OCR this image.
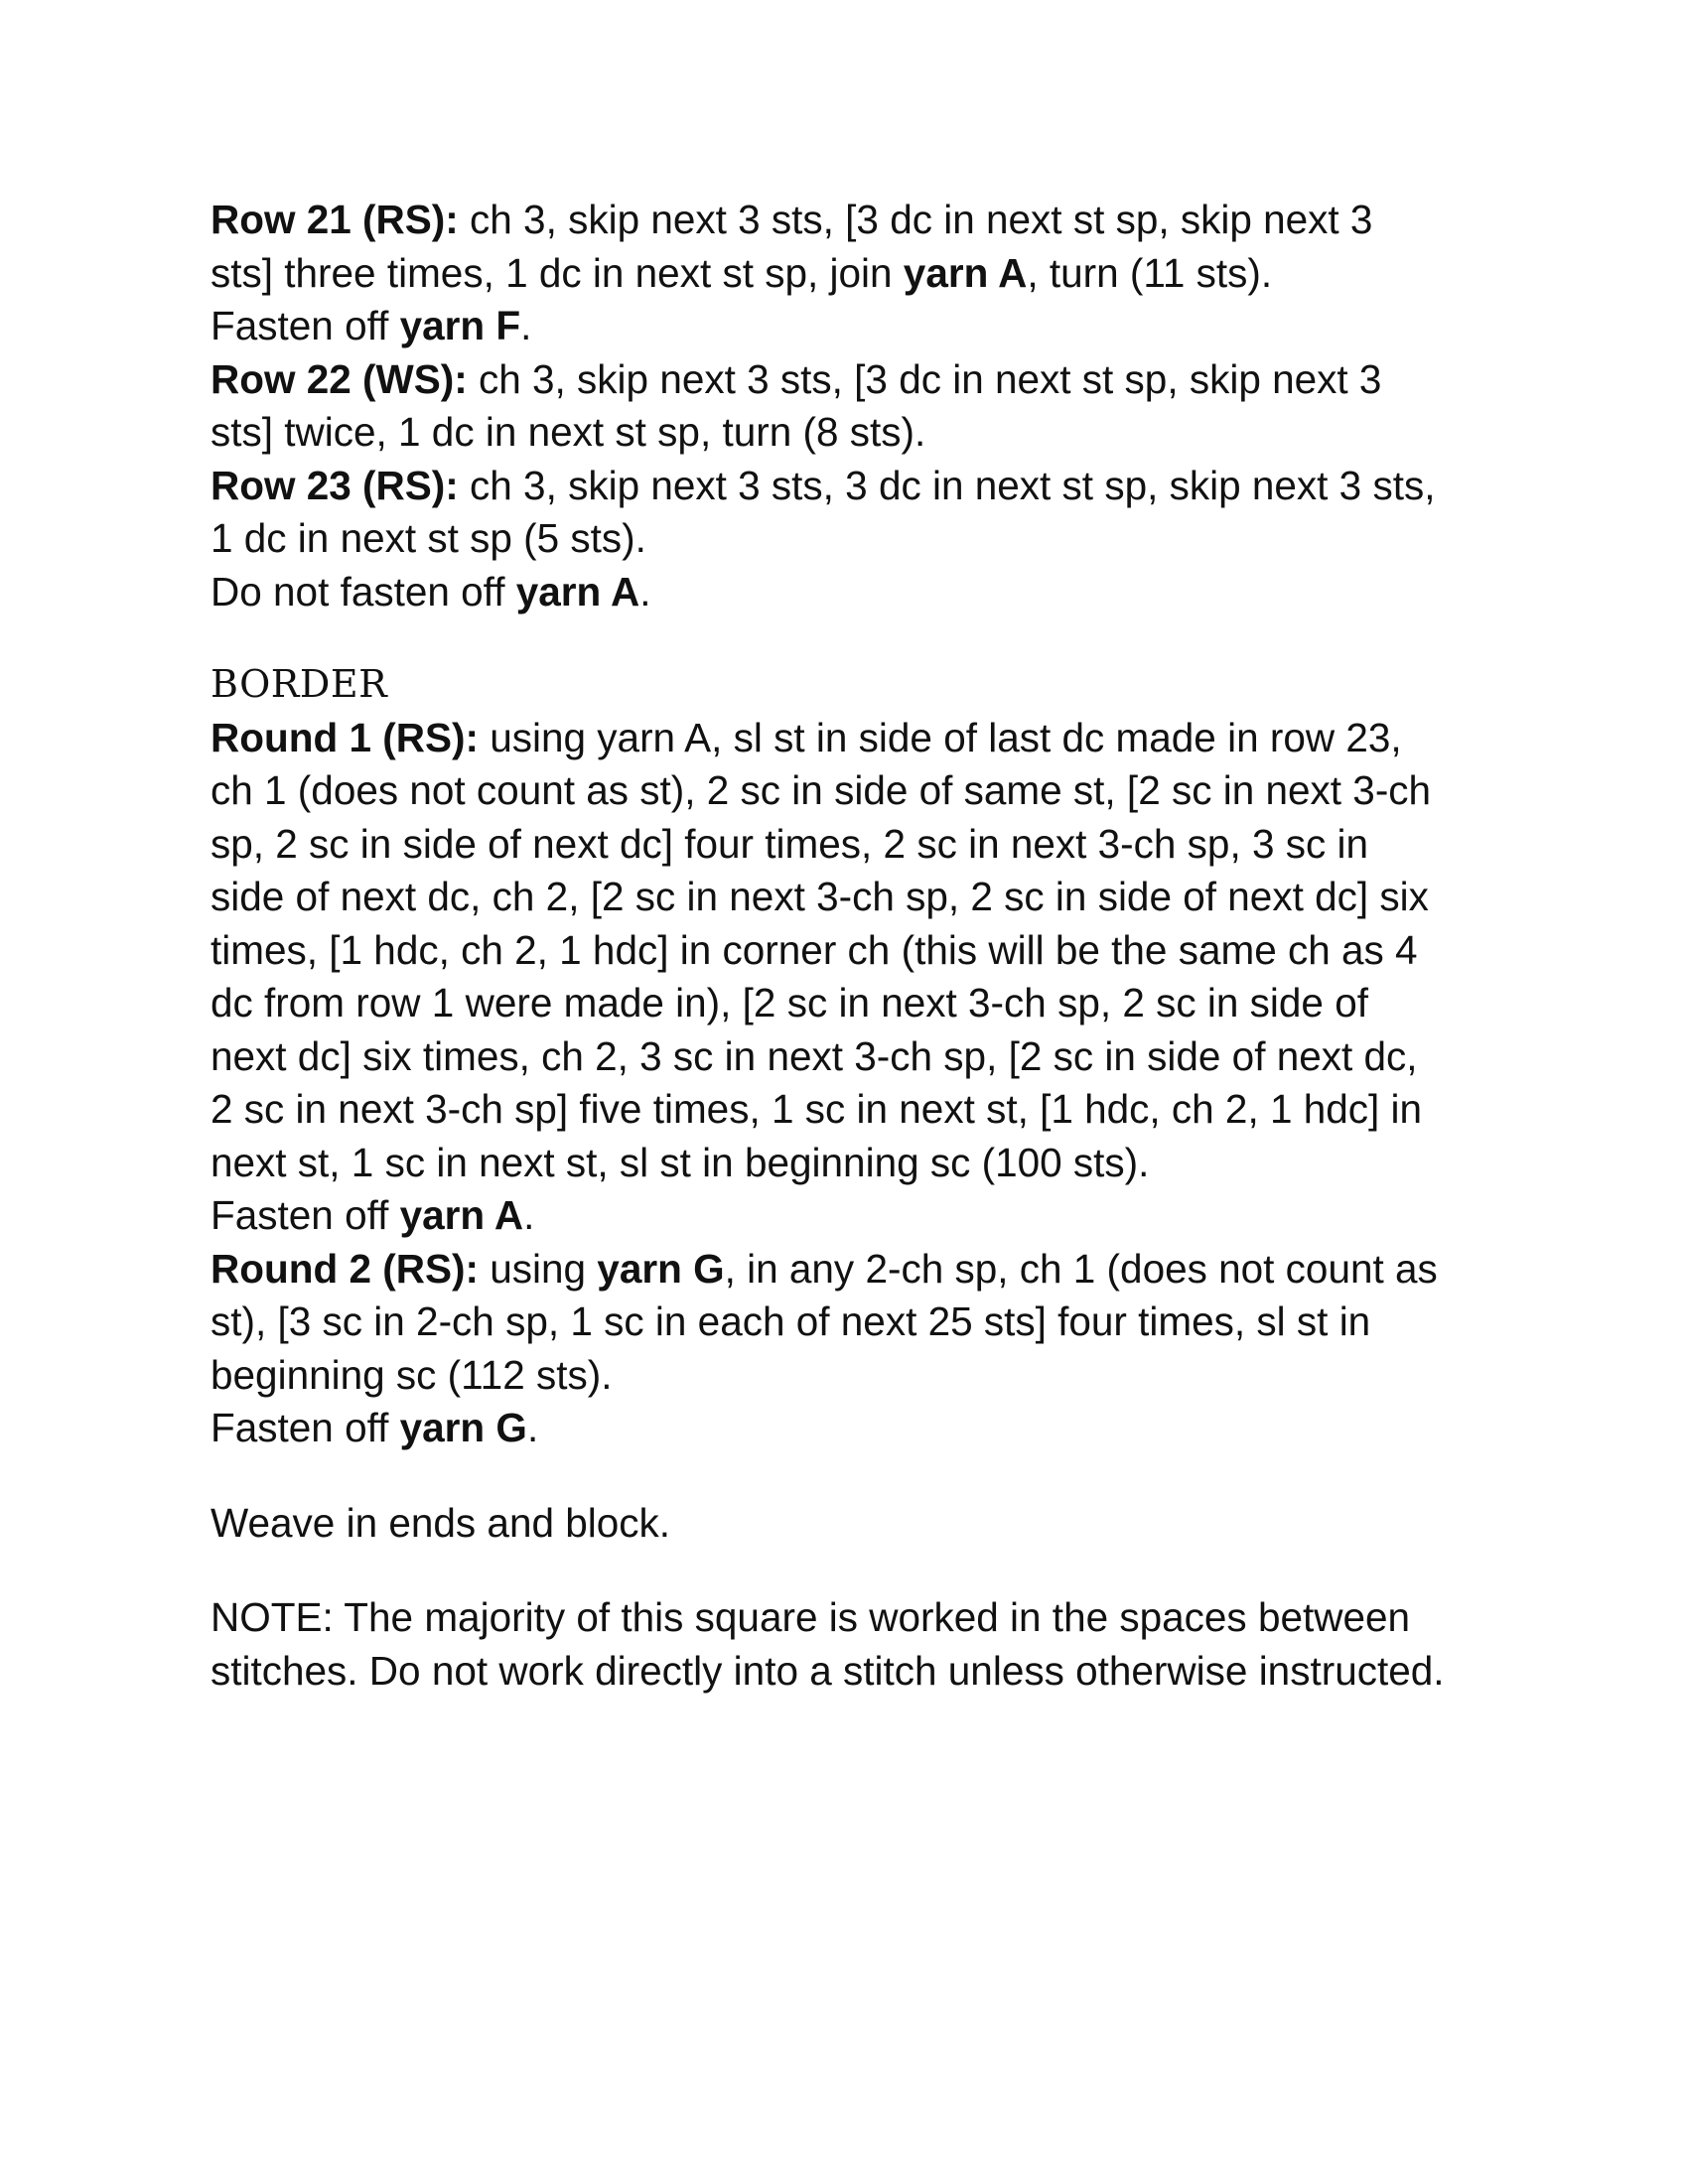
Row 21 (RS): ch 3, skip next 3 sts, [3 dc in next st sp, skip next 3
sts] three times, 1 dc in next st sp, join yarn A, turn (11 sts).
Fasten off yarn F.
Row 22 (WS): ch 3, skip next 3 sts, [3 dc in next st sp, skip next 3
sts] twice, 1 dc in next st sp, turn (8 sts).
Row 23 (RS): ch 3, skip next 3 sts, 3 dc in next st sp, skip next 3 sts,
1 dc in next st sp (5 sts).
Do not fasten off yarn A.
BORDER
Round 1 (RS): using yarn A, sl st in side of last dc made in row 23,
ch 1 (does not count as st), 2 sc in side of same st, [2 sc in next 3-ch
sp, 2 sc in side of next dc] four times, 2 sc in next 3-ch sp, 3 sc in
side of next dc, ch 2, [2 sc in next 3-ch sp, 2 sc in side of next dc] six
times, [1 hdc, ch 2, 1 hdc] in corner ch (this will be the same ch as 4
dc from row 1 were made in), [2 sc in next 3-ch sp, 2 sc in side of
next dc] six times, ch 2, 3 sc in next 3-ch sp, [2 sc in side of next dc,
2 sc in next 3-ch sp] five times, 1 sc in next st, [1 hdc, ch 2, 1 hdc] in
next st, 1 sc in next st, sl st in beginning sc (100 sts).
Fasten off yarn A.
Round 2 (RS): using yarn G, in any 2-ch sp, ch 1 (does not count as
st), [3 sc in 2-ch sp, 1 sc in each of next 25 sts] four times, sl st in
beginning sc (112 sts).
Fasten off yarn G.
Weave in ends and block.
NOTE: The majority of this square is worked in the spaces between
stitches. Do not work directly into a stitch unless otherwise instructed.
